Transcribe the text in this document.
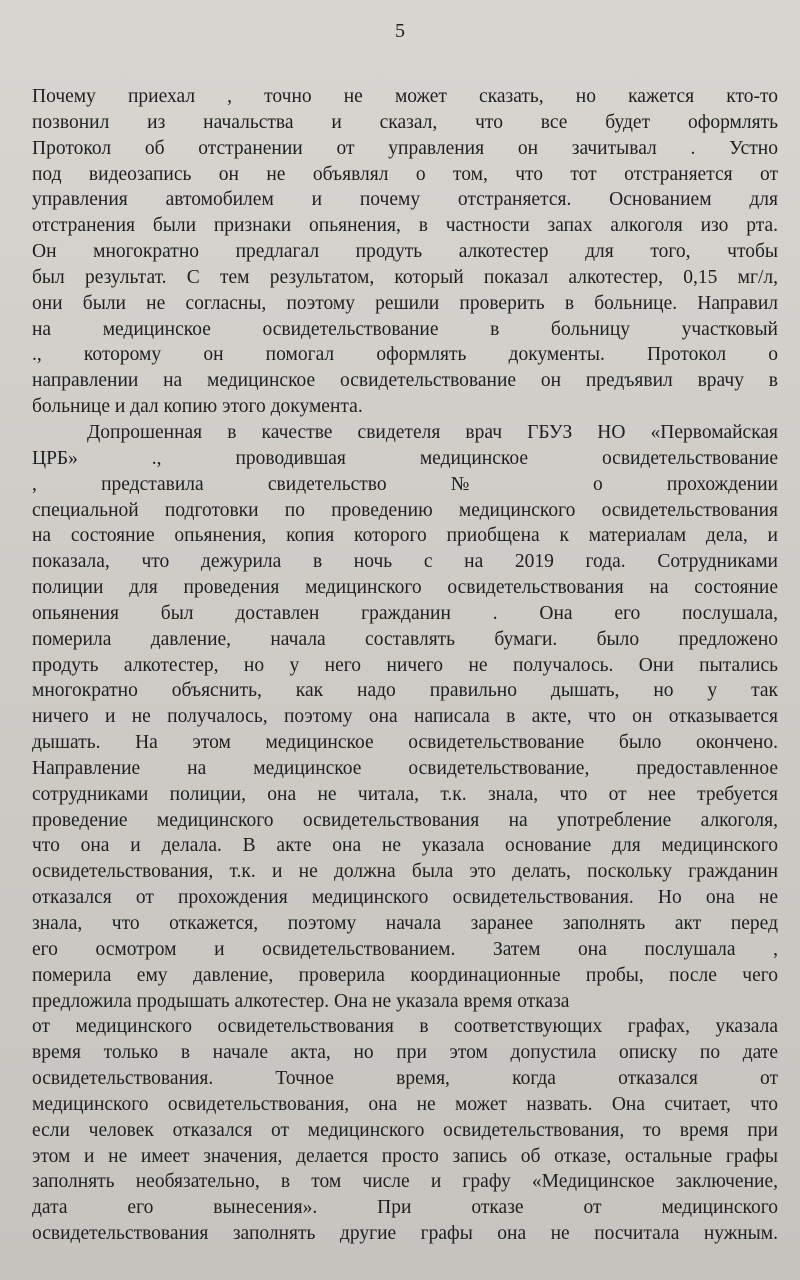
5
Почему приехал , точно не может сказать, но кажется кто-то
позвонил из начальства и сказал, что все будет оформлять
Протокол об отстранении от управления он зачитывал . Устно
под видеозапись он не объявлял о том, что тот отстраняется от
управления автомобилем и почему отстраняется. Основанием для
отстранения были признаки опьянения, в частности запах алкоголя изо рта.
Он многократно предлагал продуть алкотестер для того, чтобы
был результат. С тем результатом, который показал алкотестер, 0,15 мг/л,
они были не согласны, поэтому решили проверить в больнице. Направил
на медицинское освидетельствование в больницу участковый
., которому он помогал оформлять документы. Протокол о
направлении на медицинское освидетельствование он предъявил врачу в
больнице и дал копию этого документа.
Допрошенная в качестве свидетеля врач ГБУЗ НО «Первомайская
ЦРБ» ., проводившая медицинское освидетельствование
, представила свидетельство № о прохождении
специальной подготовки по проведению медицинского освидетельствования
на состояние опьянения, копия которого приобщена к материалам дела, и
показала, что дежурила в ночь с на 2019 года. Сотрудниками
полиции для проведения медицинского освидетельствования на состояние
опьянения был доставлен гражданин . Она его послушала,
померила давление, начала составлять бумаги. было предложено
продуть алкотестер, но у него ничего не получалось. Они пытались
многократно объяснить, как надо правильно дышать, но у так
ничего и не получалось, поэтому она написала в акте, что он отказывается
дышать. На этом медицинское освидетельствование было окончено.
Направление на медицинское освидетельствование, предоставленное
сотрудниками полиции, она не читала, т.к. знала, что от нее требуется
проведение медицинского освидетельствования на употребление алкоголя,
что она и делала. В акте она не указала основание для медицинского
освидетельствования, т.к. и не должна была это делать, поскольку гражданин
отказался от прохождения медицинского освидетельствования. Но она не
знала, что откажется, поэтому начала заранее заполнять акт перед
его осмотром и освидетельствованием. Затем она послушала ,
померила ему давление, проверила координационные пробы, после чего
предложила продышать алкотестер. Она не указала время отказа
от медицинского освидетельствования в соответствующих графах, указала
время только в начале акта, но при этом допустила описку по дате
освидетельствования. Точное время, когда отказался от
медицинского освидетельствования, она не может назвать. Она считает, что
если человек отказался от медицинского освидетельствования, то время при
этом и не имеет значения, делается просто запись об отказе, остальные графы
заполнять необязательно, в том числе и графу «Медицинское заключение,
дата его вынесения». При отказе от медицинского
освидетельствования заполнять другие графы она не посчитала нужным.
